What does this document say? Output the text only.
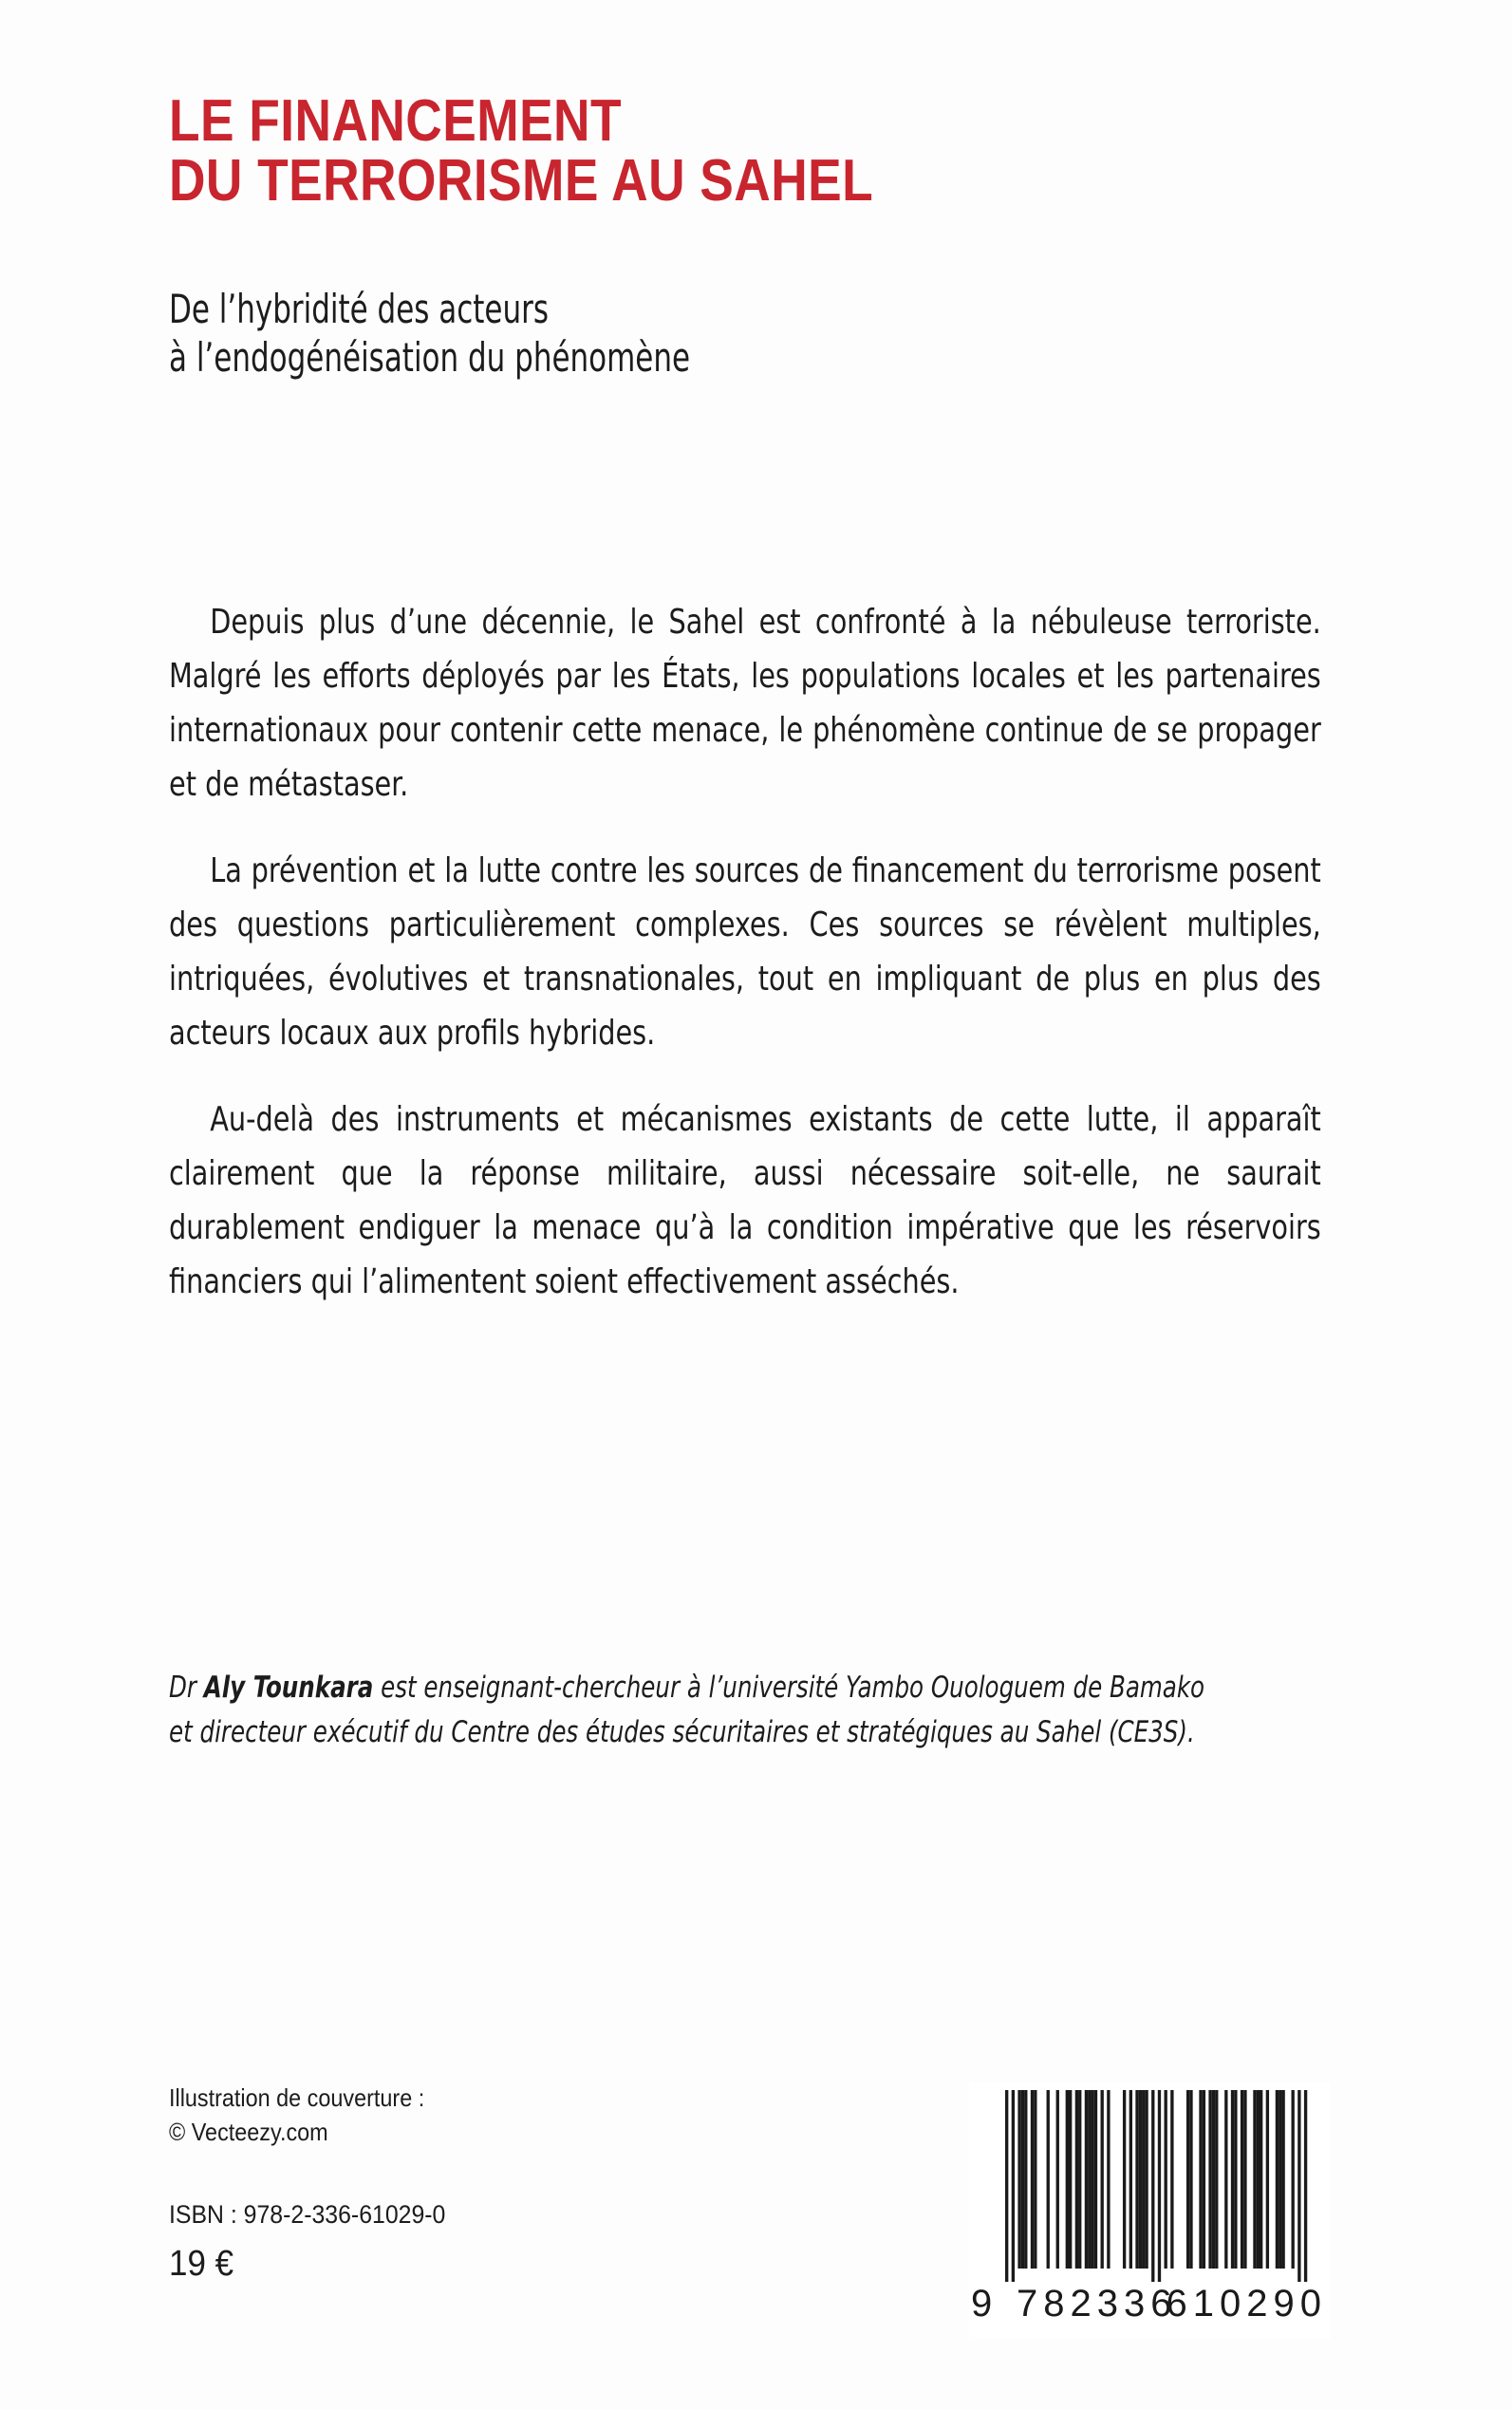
LE FINANCEMENT
DU TERRORISME AU SAHEL
De l’hybridité des acteurs
à l’endogénéisation du phénomène

Depuis plus d’une décennie, le Sahel est confronté à la nébuleuse terroriste. Malgré les efforts déployés par les États, les populations locales et les partenaires internationaux pour contenir cette menace, le phénomène continue de se propager et de métastaser.

La prévention et la lutte contre les sources de financement du terrorisme posent des questions particulièrement complexes. Ces sources se révèlent multiples, intriquées, évolutives et transnationales, tout en impliquant de plus en plus des acteurs locaux aux profils hybrides.

Au-delà des instruments et mécanismes existants de cette lutte, il apparaît clairement que la réponse militaire, aussi nécessaire soit-elle, ne saurait durablement endiguer la menace qu’à la condition impérative que les réservoirs financiers qui l’alimentent soient effectivement asséchés.

Dr Aly Tounkara est enseignant-chercheur à l’université Yambo Ouologuem de Bamako
et directeur exécutif du Centre des études sécuritaires et stratégiques au Sahel (CE3S).
Illustration de couverture :
© Vecteezy.com
ISBN : 978-2-336-61029-0
19 €
9 782336
610290
